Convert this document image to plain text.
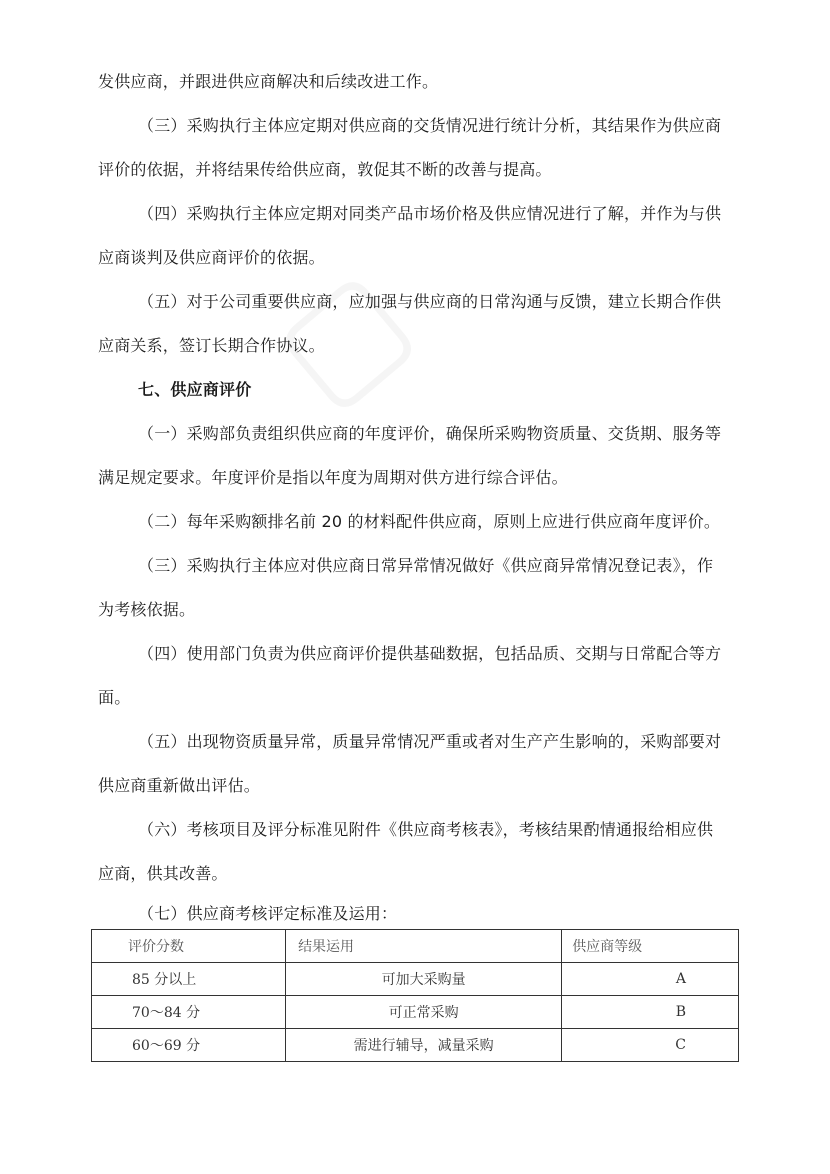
发供应商，并跟进供应商解决和后续改进工作。
（三）采购执行主体应定期对供应商的交货情况进行统计分析，其结果作为供应商
评价的依据，并将结果传给供应商，敦促其不断的改善与提高。
（四）采购执行主体应定期对同类产品市场价格及供应情况进行了解，并作为与供
应商谈判及供应商评价的依据。
（五）对于公司重要供应商，应加强与供应商的日常沟通与反馈，建立长期合作供
应商关系，签订长期合作协议。
七、供应商评价
（一）采购部负责组织供应商的年度评价，确保所采购物资质量、交货期、服务等
满足规定要求。年度评价是指以年度为周期对供方进行综合评估。
（二）每年采购额排名前 20 的材料配件供应商，原则上应进行供应商年度评价。
（三）采购执行主体应对供应商日常异常情况做好《供应商异常情况登记表》，作
为考核依据。
（四）使用部门负责为供应商评价提供基础数据，包括品质、交期与日常配合等方
面。
（五）出现物资质量异常，质量异常情况严重或者对生产产生影响的，采购部要对
供应商重新做出评估。
（六）考核项目及评分标准见附件《供应商考核表》，考核结果酌情通报给相应供
应商，供其改善。
（七）供应商考核评定标准及运用：
评价分数	结果运用	供应商等级
85 分以上	可加大采购量	A
70～84 分	可正常采购	B
60～69 分	需进行辅导，减量采购	C
